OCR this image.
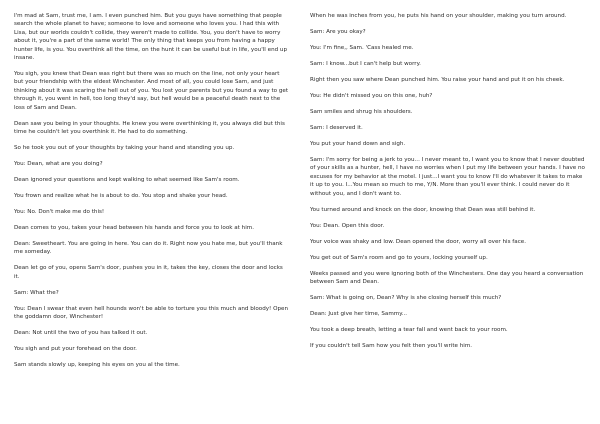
I'm mad at Sam, trust me, I am. I even punched him. But you guys have something that people search the whole planet to have; someone to love and someone who loves you. I had this with Lisa, but our worlds couldn't collide, they weren't made to collide. You, you don't have to worry about it, you're a part of the same world! The only thing that keeps you from having a happy hunter life, is you. You overthink all the time, on the hunt it can be useful but in life, you'll end up insane.

You sigh, you knew that Dean was right but there was so much on the line, not only your heart but your friendship with the eldest Winchester. And most of all, you could lose Sam, and just thinking about it was scaring the hell out of you. You lost your parents but you found a way to get through it, you went in hell, too long they'd say, but hell would be a peaceful death next to the loss of Sam and Dean.

Dean saw you being in your thoughts. He knew you were overthinking it, you always did but this time he couldn't let you overthink it. He had to do something.

So he took you out of your thoughts by taking your hand and standing you up.

You: Dean, what are you doing?

Dean ignored your questions and kept walking to what seemed like Sam's room.

You frown and realize what he is about to do. You stop and shake your head.

You: No. Don't make me do this!

Dean comes to you, takes your head between his hands and force you to look at him.

Dean: Sweetheart. You are going in here. You can do it. Right now you hate me, but you'll thank me someday.

Dean let go of you, opens Sam's door, pushes you in it, takes the key, closes the door and locks it.

Sam: What the?

You: Dean I swear that even hell hounds won't be able to torture you this much and bloody! Open the goddamn door, Winchester!

Dean: Not until the two of you has talked it out.

You sigh and put your forehead on the door.

Sam stands slowly up, keeping his eyes on you al the time.

When he was inches from you, he puts his hand on your shoulder, making you turn around.

Sam: Are you okay?

You: I'm fine,, Sam. 'Cass healed me.

Sam: I know...but I can't help but worry.

Right then you saw where Dean punched him. You raise your hand and put it on his cheek.

You: He didn't missed you on this one, huh?

Sam smiles and shrug his shoulders.

Sam: I deserved it.

You put your hand down and sigh.

Sam: I'm sorry for being a jerk to you... I never meant to, I want you to know that I never doubted of your skills as a hunter, hell, I have no worries when I put my life between your hands. I have no excuses for my behavior at the motel. I just...I want you to know I'll do whatever it takes to make it up to you. I...You mean so much to me, Y/N. More than you'll ever think. I could never do it without you, and I don't want to.

You turned around and knock on the door, knowing that Dean was still behind it.

You: Dean. Open this door.

Your voice was shaky and low. Dean opened the door, worry all over his face.

You get out of Sam's room and go to yours, locking yourself up.

Weeks passed and you were ignoring both of the Winchesters. One day you heard a conversation between Sam and Dean.

Sam: What is going on, Dean? Why is she closing herself this much?

Dean: Just give her time, Sammy...

You took a deep breath, letting a tear fall and went back to your room.

If you couldn't tell Sam how you felt then you'll write him.
